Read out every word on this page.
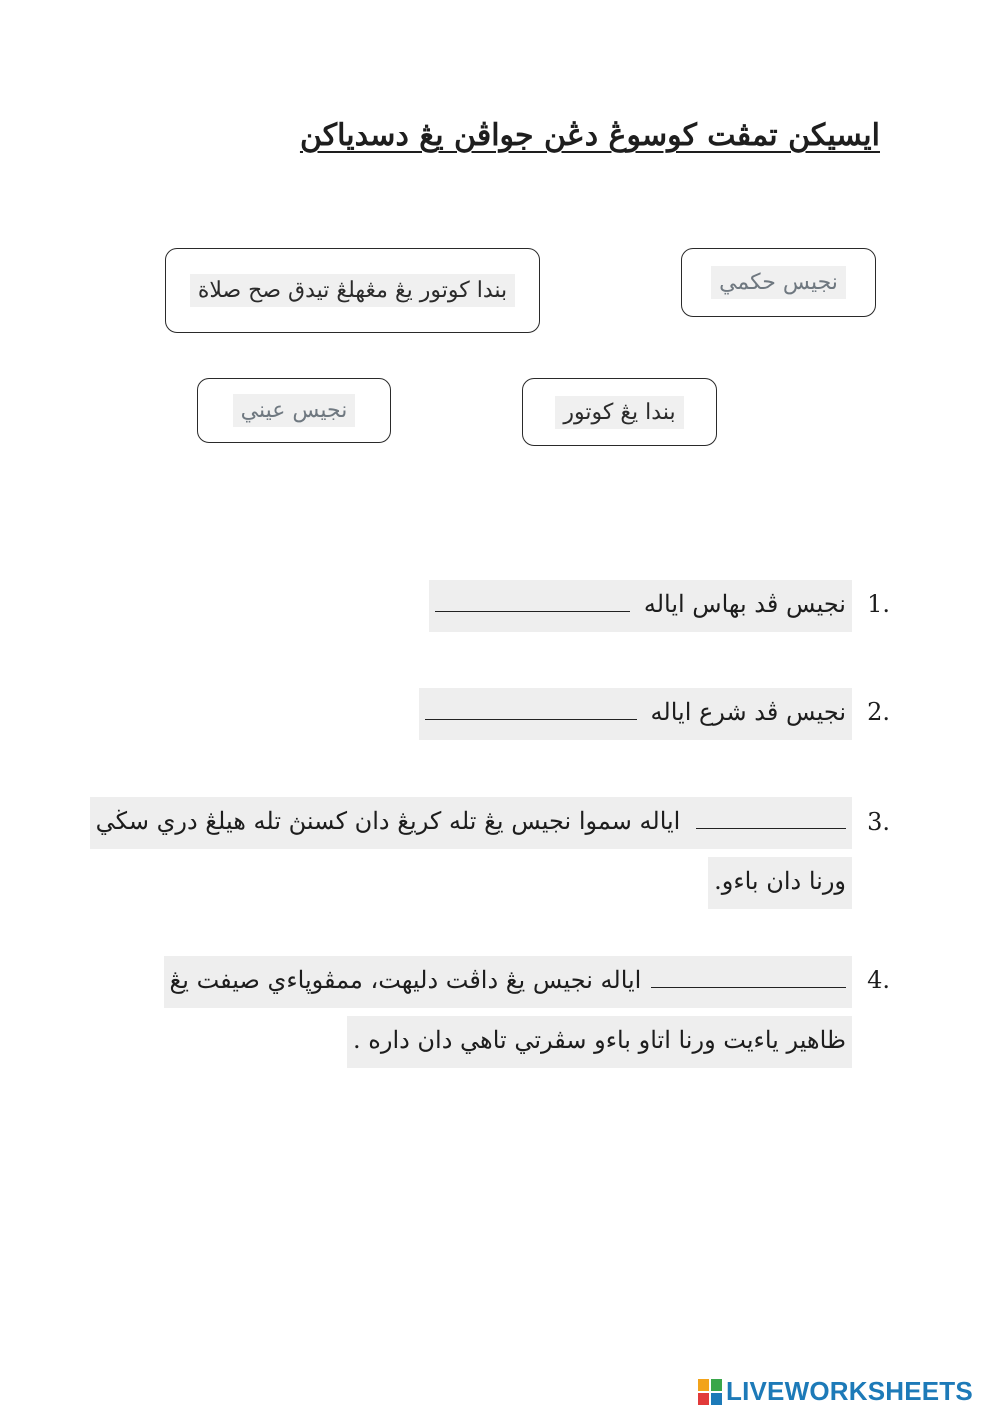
ايسيكن تمڤت كوسوڠ دڠن جواڤن يڠ دسدياكن
نجيس حكمي
بندا كوتور يڠ مڠهلڠ تيدق صح صلاة
نجيس عيني	بندا يڠ كوتور
1.
نجيس ڤد بهاس اياله
2.
نجيس ڤد شرع اياله
3.
اياله سموا نجيس يڠ تله كريڠ دان كسنڽ تله هيلڠ دري سڬي
ورنا دان باءو.
4.
اياله نجيس يڠ داڤت دليهت، ممڤوڽاءي صيفت يڠ
ظاهير ياءيت ورنا اتاو باءو سڤرتي تاهي دان داره .
LIVEWORKSHEETS
